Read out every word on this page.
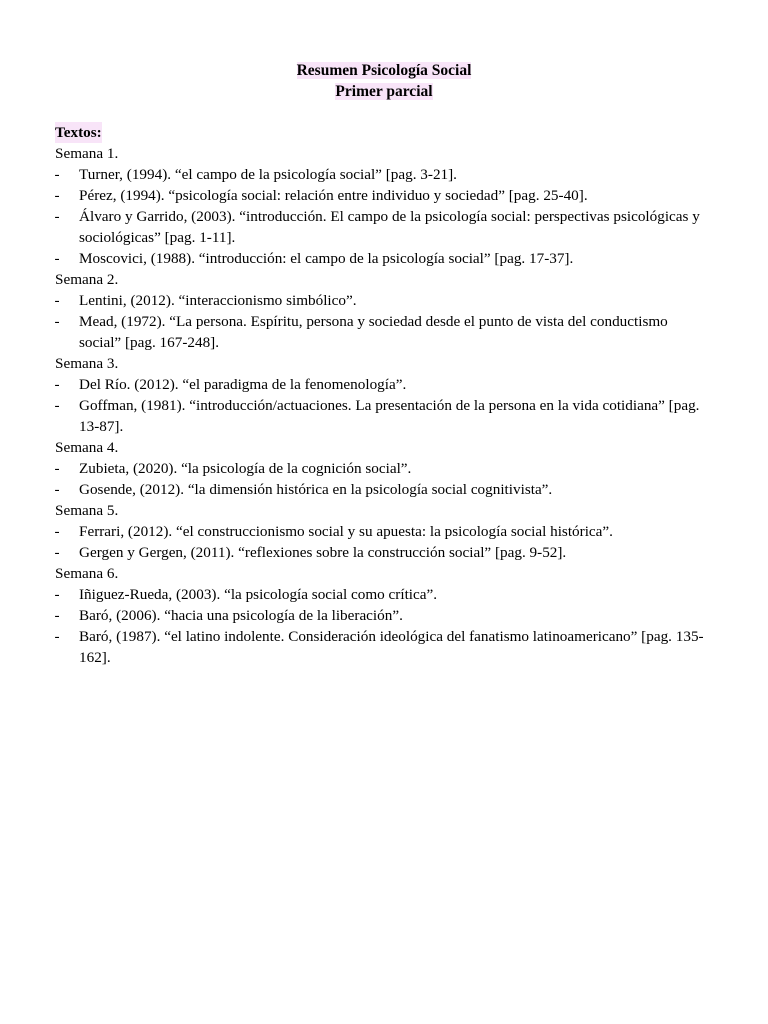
Resumen Psicología Social
Primer parcial
Textos:
Semana 1.
-	Turner, (1994). “el campo de la psicología social” [pag. 3-21].
-	Pérez, (1994). “psicología social: relación entre individuo y sociedad” [pag. 25-40].
-	Álvaro y Garrido, (2003). “introducción. El campo de la psicología social: perspectivas psicológicas y sociológicas” [pag. 1-11].
-	Moscovici, (1988). “introducción: el campo de la psicología social” [pag. 17-37].
Semana 2.
-	Lentini, (2012). “interaccionismo simbólico”.
-	Mead, (1972). “La persona. Espíritu, persona y sociedad desde el punto de vista del conductismo social” [pag. 167-248].
Semana 3.
-	Del Río. (2012). “el paradigma de la fenomenología”.
-	Goffman, (1981). “introducción/actuaciones. La presentación de la persona en la vida cotidiana” [pag. 13-87].
Semana 4.
-	Zubieta, (2020). “la psicología de la cognición social”.
-	Gosende, (2012). “la dimensión histórica en la psicología social cognitivista”.
Semana 5.
-	Ferrari, (2012). “el construccionismo social y su apuesta: la psicología social histórica”.
-	Gergen y Gergen, (2011). “reflexiones sobre la construcción social” [pag. 9-52].
Semana 6.
-	Iñiguez-Rueda, (2003). “la psicología social como crítica”.
-	Baró, (2006). “hacia una psicología de la liberación”.
-	Baró, (1987). “el latino indolente. Consideración ideológica del fanatismo latinoamericano” [pag. 135-162].
